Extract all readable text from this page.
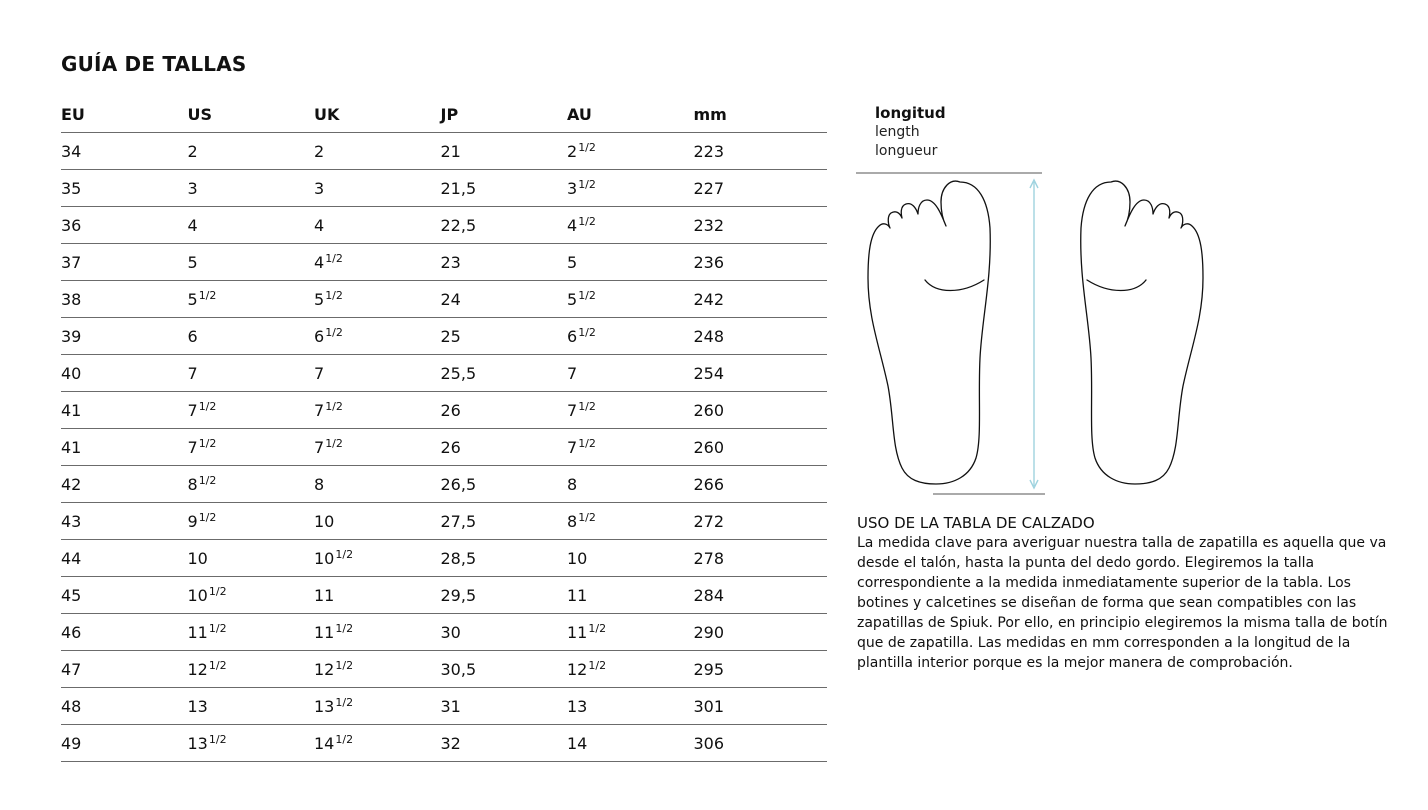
GUÍA DE TALLAS
EU	US	UK	JP	AU	mm
34	2	2	21	$2^{1/2}$	223
35	3	3	21,5	$3^{1/2}$	227
36	4	4	22,5	$4^{1/2}$	232
37	5	$4^{1/2}$	23	5	236
38	$5^{1/2}$	$5^{1/2}$	24	$5^{1/2}$	242
39	6	$6^{1/2}$	25	$6^{1/2}$	248
40	7	7	25,5	7	254
41	$7^{1/2}$	$7^{1/2}$	26	$7^{1/2}$	260
41	$7^{1/2}$	$7^{1/2}$	26	$7^{1/2}$	260
42	$8^{1/2}$	8	26,5	8	266
43	$9^{1/2}$	10	27,5	$8^{1/2}$	272
44	10	$10^{1/2}$	28,5	10	278
45	$10^{1/2}$	11	29,5	11	284
46	$11^{1/2}$	$11^{1/2}$	30	$11^{1/2}$	290
47	$12^{1/2}$	$12^{1/2}$	30,5	$12^{1/2}$	295
48	13	$13^{1/2}$	31	13	301
49	$13^{1/2}$	$14^{1/2}$	32	14	306
longitud
length
longueur
USO DE LA TABLA DE CALZADO

La medida clave para averiguar nuestra talla de zapatilla es aquella que va desde el talón, hasta la punta del dedo gordo. Elegiremos la talla correspondiente a la medida inmediatamente superior de la tabla. Los botines y calcetines se diseñan de forma que sean compatibles con las zapatillas de Spiuk. Por ello, en principio elegiremos la misma talla de botín que de zapatilla. Las medidas en mm corresponden a la longitud de la plantilla interior porque es la mejor manera de comprobación.
